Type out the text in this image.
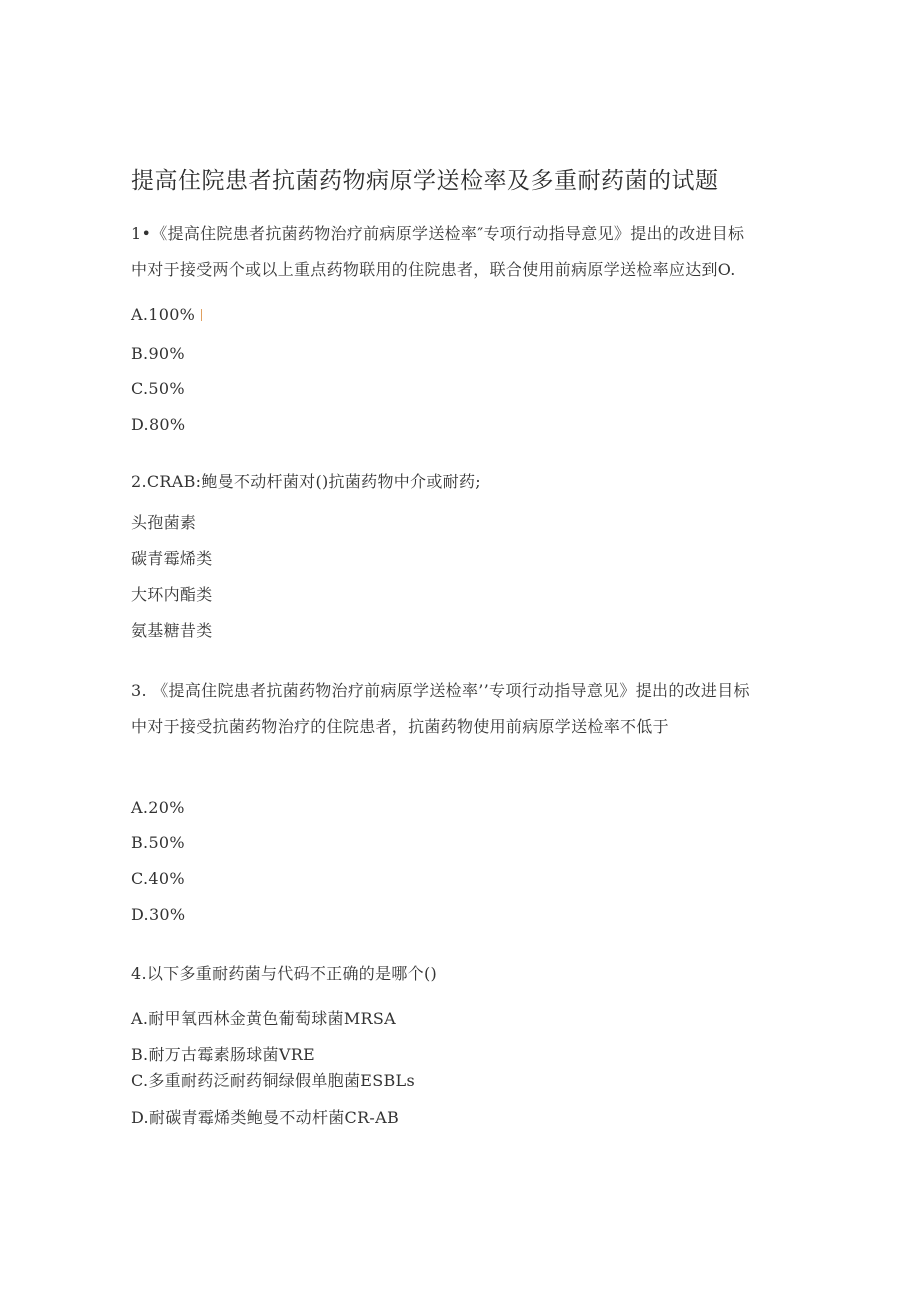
提高住院患者抗菌药物病原学送检率及多重耐药菌的试题
1•《提高住院患者抗菌药物治疗前病原学送检率″专项行动指导意见》提出的改进目标
中对于接受两个或以上重点药物联用的住院患者，联合使用前病原学送检率应达到O.
A.100%
B.90%
C.50%
D.80%
2.CRAB:鲍曼不动杆菌对()抗菌药物中介或耐药;
头孢菌素
碳青霉烯类
大环内酯类
氨基糖昔类
3. 《提高住院患者抗菌药物治疗前病原学送检率’’专项行动指导意见》提出的改进目标
中对于接受抗菌药物治疗的住院患者，抗菌药物使用前病原学送检率不低于
A.20%
B.50%
C.40%
D.30%
4.以下多重耐药菌与代码不正确的是哪个()
A.耐甲氧西林金黄色葡萄球菌MRSA
B.耐万古霉素肠球菌VRE
C.多重耐药泛耐药铜绿假单胞菌ESBLs
D.耐碳青霉烯类鲍曼不动杆菌CR-AB
